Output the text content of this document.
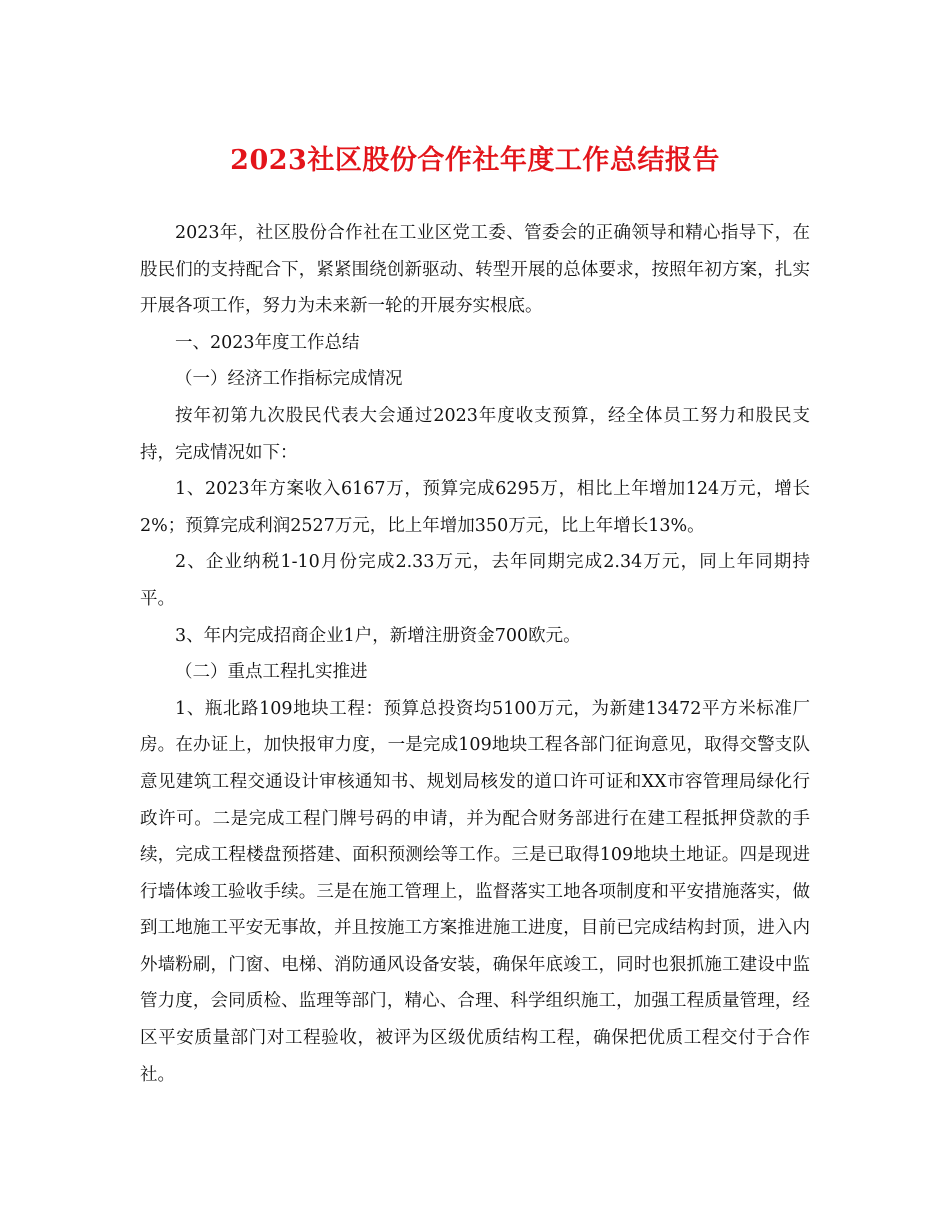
2023社区股份合作社年度工作总结报告

2023年，社区股份合作社在工业区党工委、管委会的正确领导和精心指导下，在股民们的支持配合下，紧紧围绕创新驱动、转型开展的总体要求，按照年初方案，扎实开展各项工作，努力为未来新一轮的开展夯实根底。

一、2023年度工作总结

（一）经济工作指标完成情况

按年初第九次股民代表大会通过2023年度收支预算，经全体员工努力和股民支持，完成情况如下：

1、2023年方案收入6167万，预算完成6295万，相比上年增加124万元，增长2%；预算完成利润2527万元，比上年增加350万元，比上年增长13%。

2、企业纳税1-10月份完成2.33万元，去年同期完成2.34万元，同上年同期持平。

3、年内完成招商企业1户，新增注册资金700欧元。

（二）重点工程扎实推进

1、瓶北路109地块工程：预算总投资均5100万元，为新建13472平方米标准厂房。在办证上，加快报审力度，一是完成109地块工程各部门征询意见，取得交警支队意见建筑工程交通设计审核通知书、规划局核发的道口许可证和XX市容管理局绿化行政许可。二是完成工程门牌号码的申请，并为配合财务部进行在建工程抵押贷款的手续，完成工程楼盘预搭建、面积预测绘等工作。三是已取得109地块土地证。四是现进行墙体竣工验收手续。三是在施工管理上，监督落实工地各项制度和平安措施落实，做到工地施工平安无事故，并且按施工方案推进施工进度，目前已完成结构封顶，进入内外墙粉刷，门窗、电梯、消防通风设备安装，确保年底竣工，同时也狠抓施工建设中监管力度，会同质检、监理等部门，精心、合理、科学组织施工，加强工程质量管理，经区平安质量部门对工程验收，被评为区级优质结构工程，确保把优质工程交付于合作社。
